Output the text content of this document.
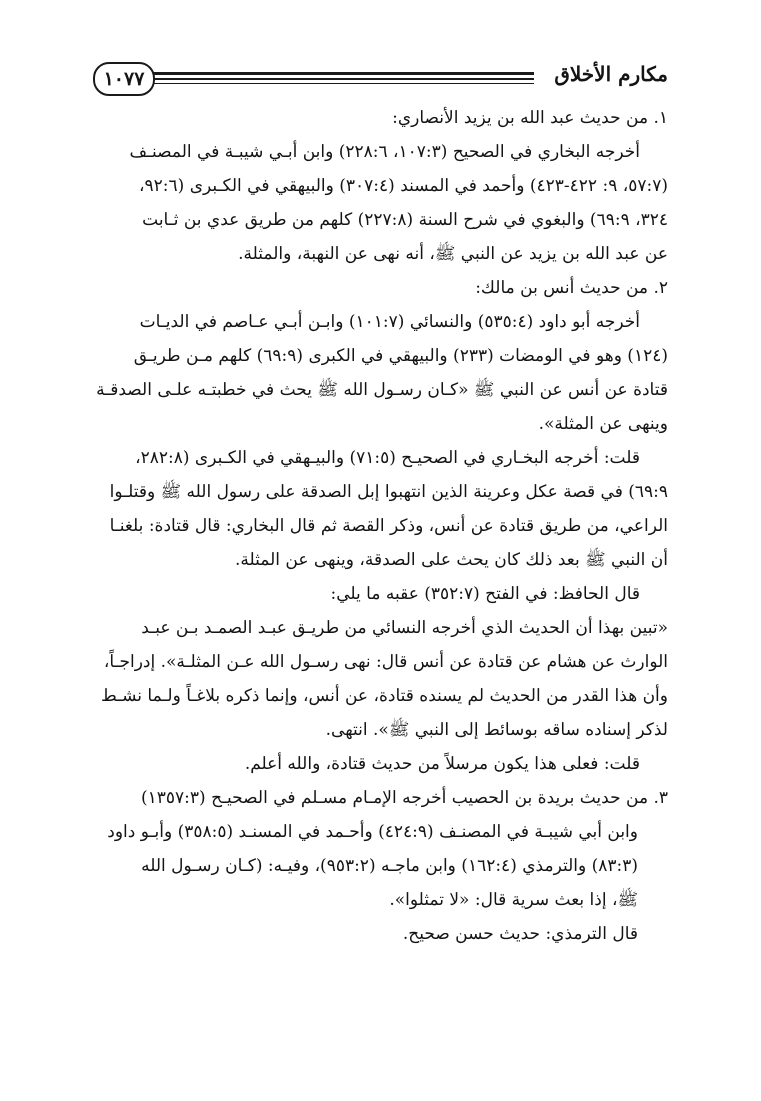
١٠٧٧	مكارم الأخلاق
١. من حديث عبد الله بن يزيد الأنصاري:
أخرجه البخاري في الصحيح (١٠٧:٣، ٢٢٨:٦) وابن أبـي شيبـة في المصنـف
(٥٧:٧، ٩: ٤٢٢-٤٢٣) وأحمد في المسند (٣٠٧:٤) والبيهقي في الكـبرى (٩٢:٦،
٣٢٤، ٦٩:٩) والبغوي في شرح السنة (٢٢٧:٨) كلهم من طريق عدي بن ثـابت
عن عبد الله بن يزيد عن النبي ﷺ، أنه نهى عن النهبة، والمثلة.
٢. من حديث أنس بن مالك:
أخرجه أبو داود (٥٣٥:٤) والنسائي (١٠١:٧) وابـن أبـي عـاصم في الديـات
(١٢٤) وهو في الومضات (٢٣٣) والبيهقي في الكبرى (٦٩:٩) كلهم مـن طريـق
قتادة عن أنس عن النبي ﷺ «كـان رسـول الله ﷺ يحث في خطبتـه علـى الصدقـة
وينهى عن المثلة».
قلت: أخرجه البخـاري في الصحيـح (٧١:٥) والبيـهقي في الكـبرى (٢٨٢:٨،
٦٩:٩) في قصة عكل وعرينة الذين انتهبوا إبل الصدقة على رسول الله ﷺ وقتلـوا
الراعي، من طريق قتادة عن أنس، وذكر القصة ثم قال البخاري: قال قتادة: بلغنـا
أن النبي ﷺ بعد ذلك كان يحث على الصدقة، وينهى عن المثلة.
قال الحافظ: في الفتح (٣٥٢:٧) عقبه ما يلي:
«تبين بهذا أن الحديث الذي أخرجه النسائي من طريـق عبـد الصمـد بـن عبـد
الوارث عن هشام عن قتادة عن أنس قال: نهى رسـول الله عـن المثلـة». إدراجـاً،
وأن هذا القدر من الحديث لم يسنده قتادة، عن أنس، وإنما ذكره بلاغـاً ولـما نشـط
لذكر إسناده ساقه بوسائط إلى النبي ﷺ». انتهى.
قلت: فعلى هذا يكون مرسلاً من حديث قتادة، والله أعلم.
٣. من حديث بريدة بن الحصيب أخرجه الإمـام مسـلم في الصحيـح (١٣٥٧:٣)
وابن أبي شيبـة في المصنـف (٤٢٤:٩) وأحـمد في المسنـد (٣٥٨:٥) وأبـو داود
(٨٣:٣) والترمذي (١٦٢:٤) وابن ماجـه (٩٥٣:٢)، وفيـه: (كـان رسـول الله
ﷺ، إذا بعث سرية قال: «لا تمثلوا».
قال الترمذي: حديث حسن صحيح.
